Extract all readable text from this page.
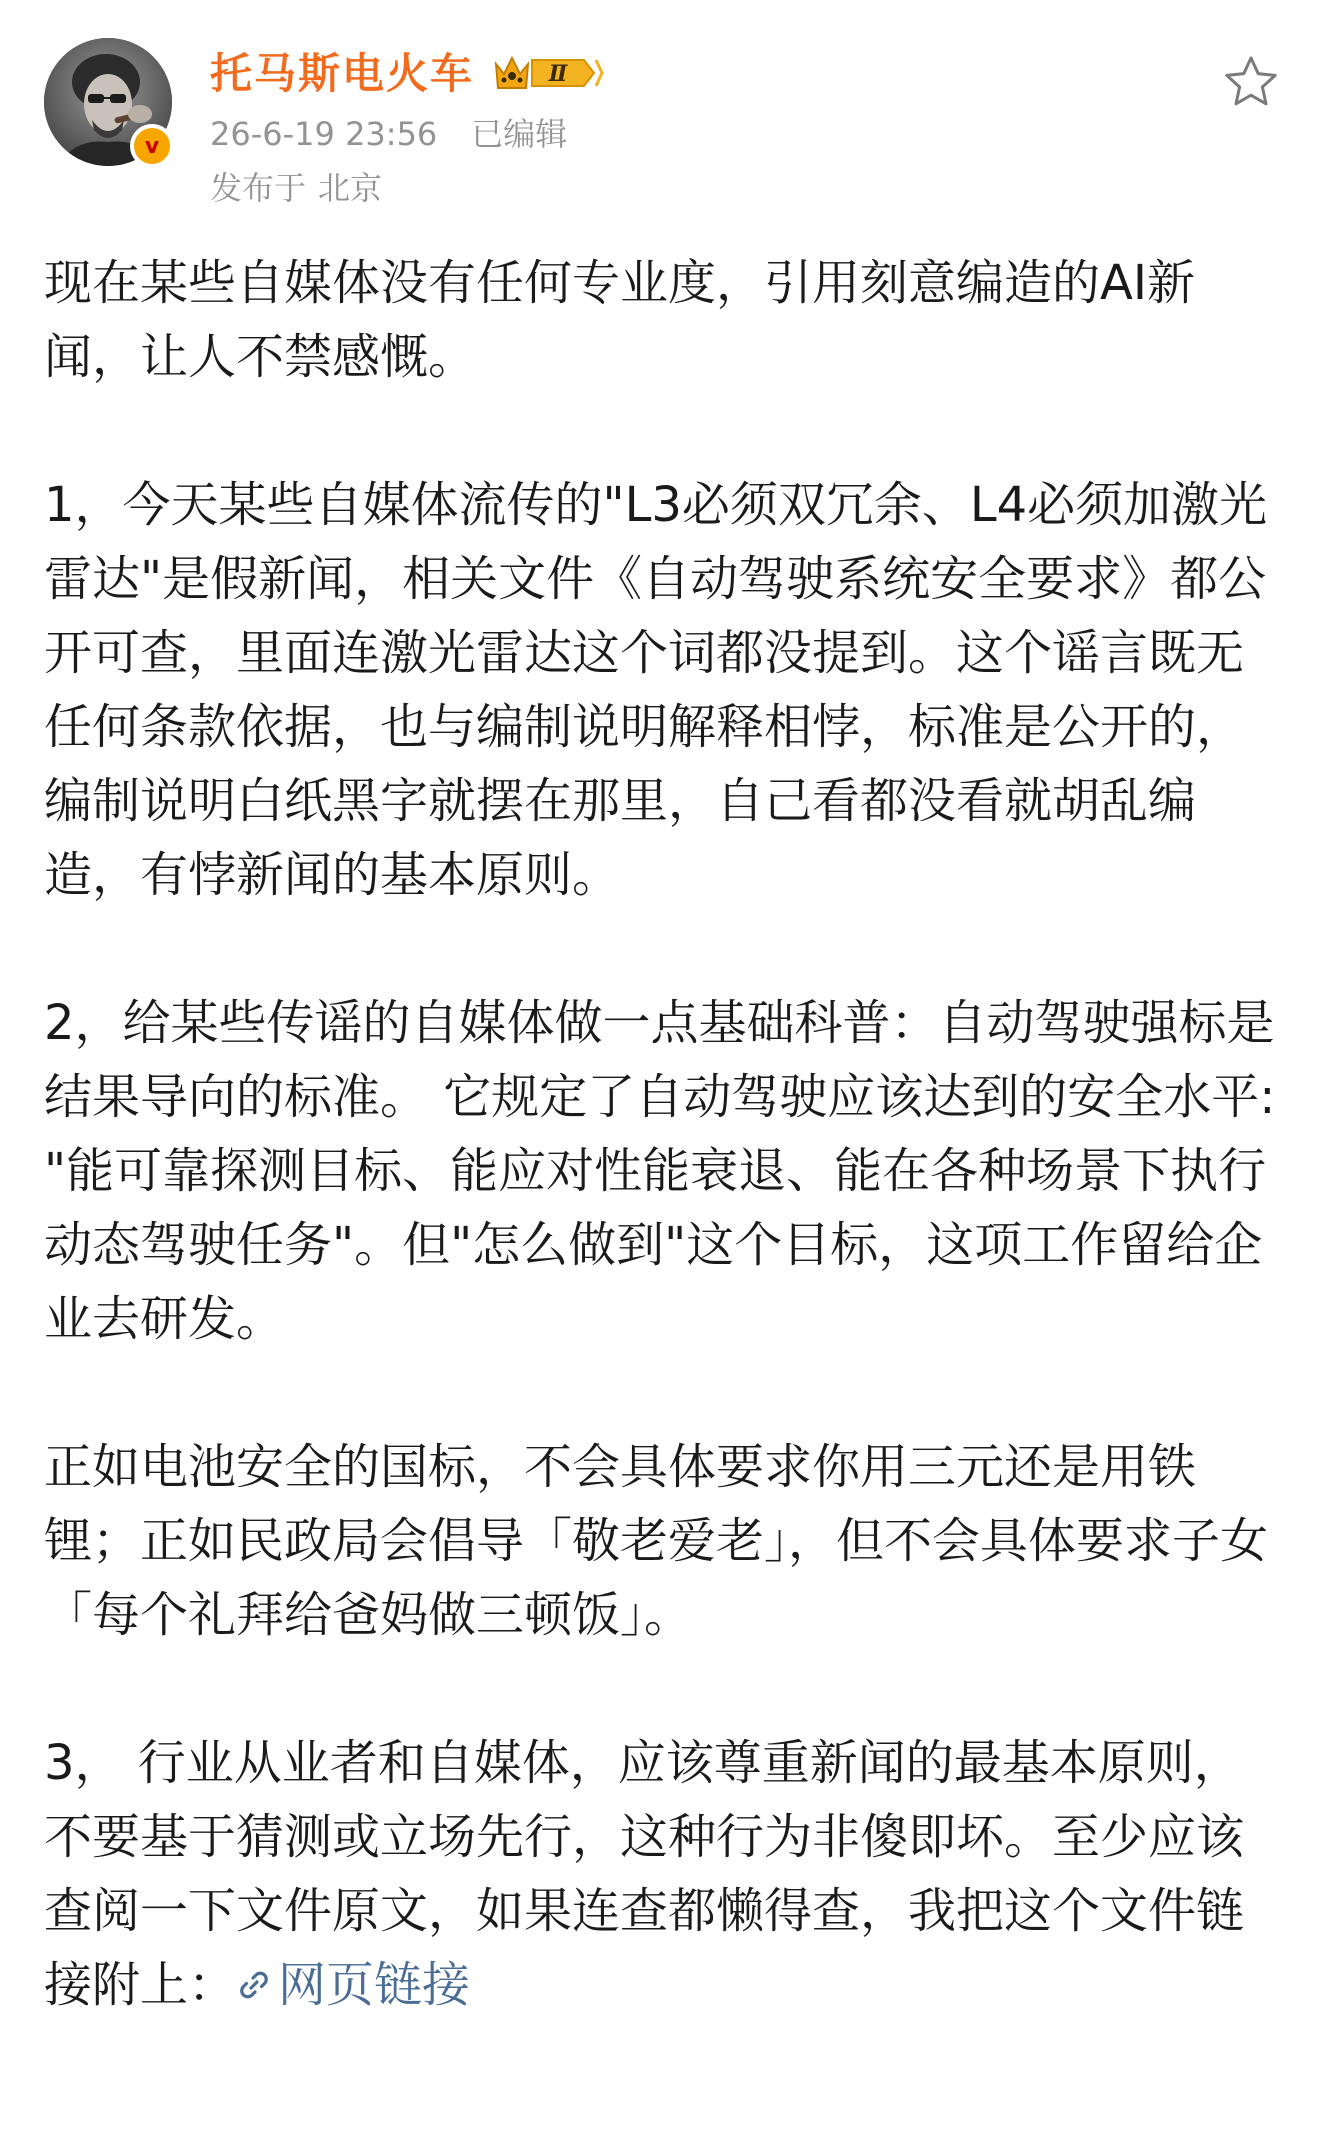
v
托马斯电火车	Ⅱ
26-6-19 23:56 已编辑
发布于 北京

现在某些自媒体没有任何专业度，引用刻意编造的AI新闻，让人不禁感慨。

1，今天某些自媒体流传的"L3必须双冗余、L4必须加激光雷达"是假新闻，相关文件《自动驾驶系统安全要求》都公开可查，里面连激光雷达这个词都没提到。这个谣言既无任何条款依据，也与编制说明解释相悖，标准是公开的，编制说明白纸黑字就摆在那里，自己看都没看就胡乱编造，有悖新闻的基本原则。

2，给某些传谣的自媒体做一点基础科普：自动驾驶强标是结果导向的标准。 它规定了自动驾驶应该达到的安全水平: "能可靠探测目标、能应对性能衰退、能在各种场景下执行动态驾驶任务"。但"怎么做到"这个目标，这项工作留给企业去研发。

正如电池安全的国标，不会具体要求你用三元还是用铁锂；正如民政局会倡导「敬老爱老」，但不会具体要求子女「每个礼拜给爸妈做三顿饭」。

3， 行业从业者和自媒体，应该尊重新闻的最基本原则，不要基于猜测或立场先行，这种行为非傻即坏。至少应该查阅一下文件原文，如果连查都懒得查，我把这个文件链接附上： 网页链接
